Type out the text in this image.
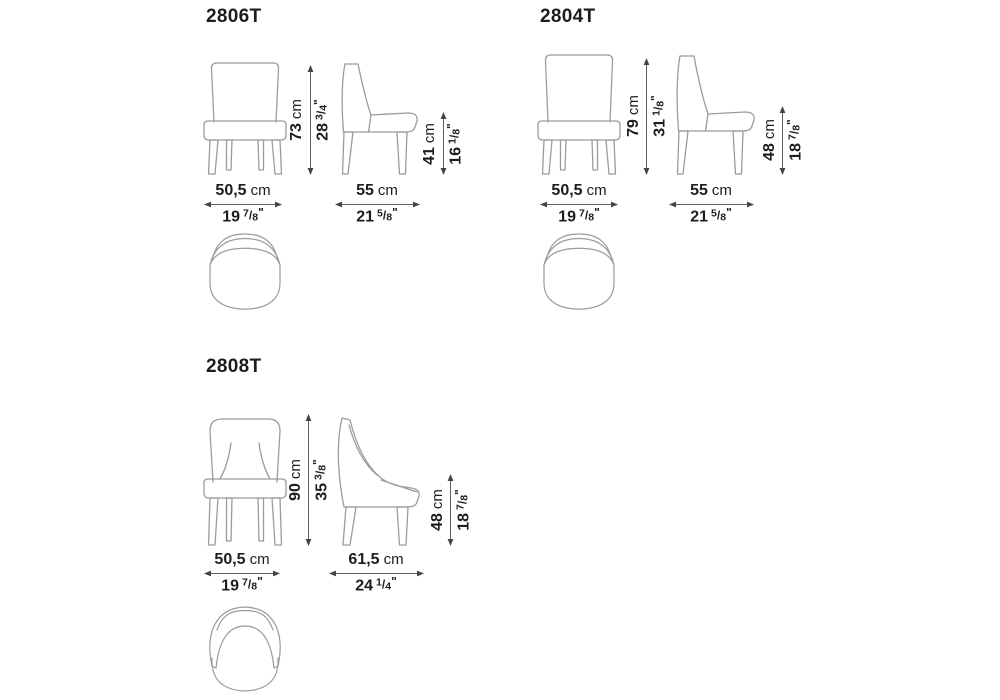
2806T
73cm
283/4"
41cm
161/8"
50,5 cm
19 7/8"
55 cm
21 5/8"
2804T
79cm
311/8"
48cm
187/8"
50,5 cm
19 7/8"
55 cm
21 5/8"
2808T
90cm
353/8"
48cm
187/8"
50,5 cm
19 7/8"
61,5 cm
24 1/4"
